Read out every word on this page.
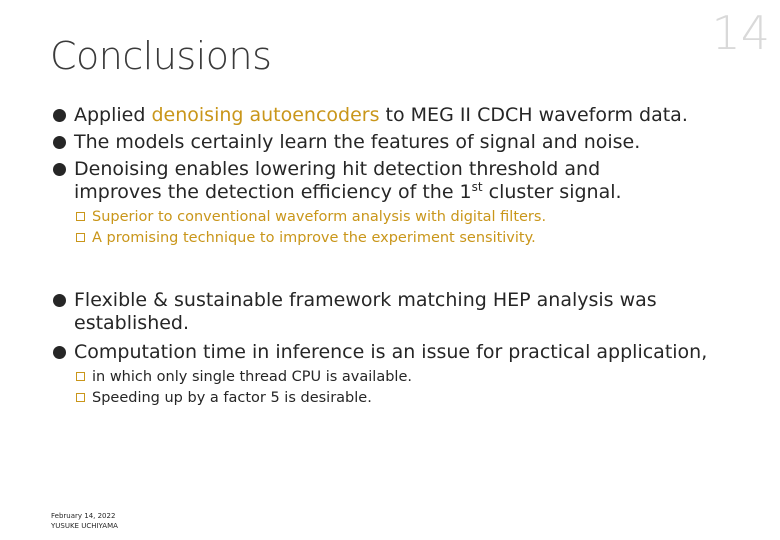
14
Conclusions
Applied denoising autoencoders to MEG II CDCH waveform data.
The models certainly learn the features of signal and noise.
Denoising enables lowering hit detection threshold and
improves the detection efficiency of the 1st cluster signal.
Superior to conventional waveform analysis with digital filters.
A promising technique to improve the experiment sensitivity.
Flexible & sustainable framework matching HEP analysis was established.
Computation time in inference is an issue for practical application,
in which only single thread CPU is available.
Speeding up by a factor 5 is desirable.
February 14, 2022
YUSUKE UCHIYAMA
